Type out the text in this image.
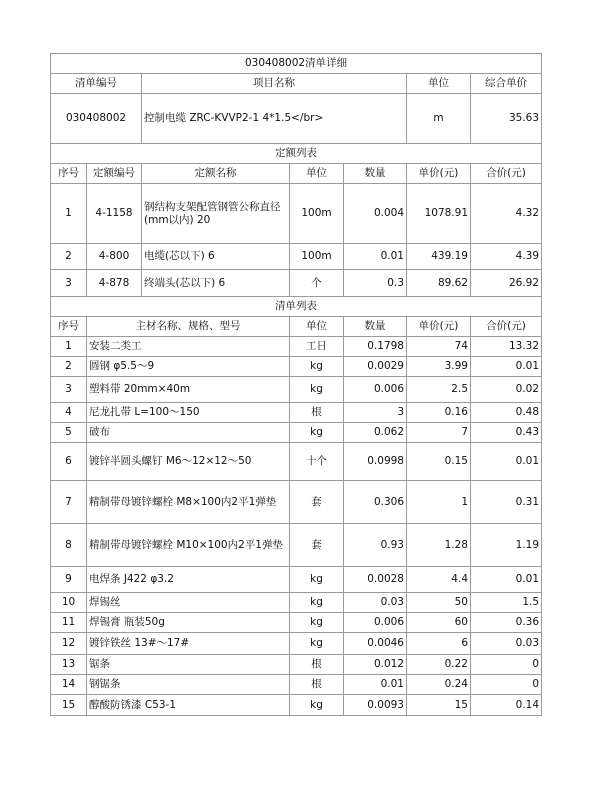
030408002清单详细						
清单编号		项目名称			单位	综合单价
030408002		控制电缆 ZRC-KVVP2-1 4*1.5</br>			m	35.63
定额列表						
序号	定额编号	定额名称	单位	数量	单价(元)	合价(元)
1	4-1158	钢结构支架配管钢管公称直径(mm以内) 20	100m	0.004	1078.91	4.32
2	4-800	电缆(芯以下) 6	100m	0.01	439.19	4.39
3	4-878	终端头(芯以下) 6	个	0.3	89.62	26.92
清单列表						
序号	主材名称、规格、型号		单位	数量	单价(元)	合价(元)
1	安装二类工		工日	0.1798	74	13.32
2	圆钢 φ5.5～9		kg	0.0029	3.99	0.01
3	塑料带 20mm×40m		kg	0.006	2.5	0.02
4	尼龙扎带 L=100～150		根	3	0.16	0.48
5	破布		kg	0.062	7	0.43
6	镀锌半圆头螺钉 M6～12×12～50		十个	0.0998	0.15	0.01
7	精制带母镀锌螺栓 M8×100内2平1弹垫		套	0.306	1	0.31
8	精制带母镀锌螺栓 M10×100内2平1弹垫		套	0.93	1.28	1.19
9	电焊条 J422 φ3.2		kg	0.0028	4.4	0.01
10	焊锡丝		kg	0.03	50	1.5
11	焊锡膏 瓶装50g		kg	0.006	60	0.36
12	镀锌铁丝 13#～17#		kg	0.0046	6	0.03
13	锯条		根	0.012	0.22	0
14	钢锯条		根	0.01	0.24	0
15	醇酸防锈漆 C53-1		kg	0.0093	15	0.14
